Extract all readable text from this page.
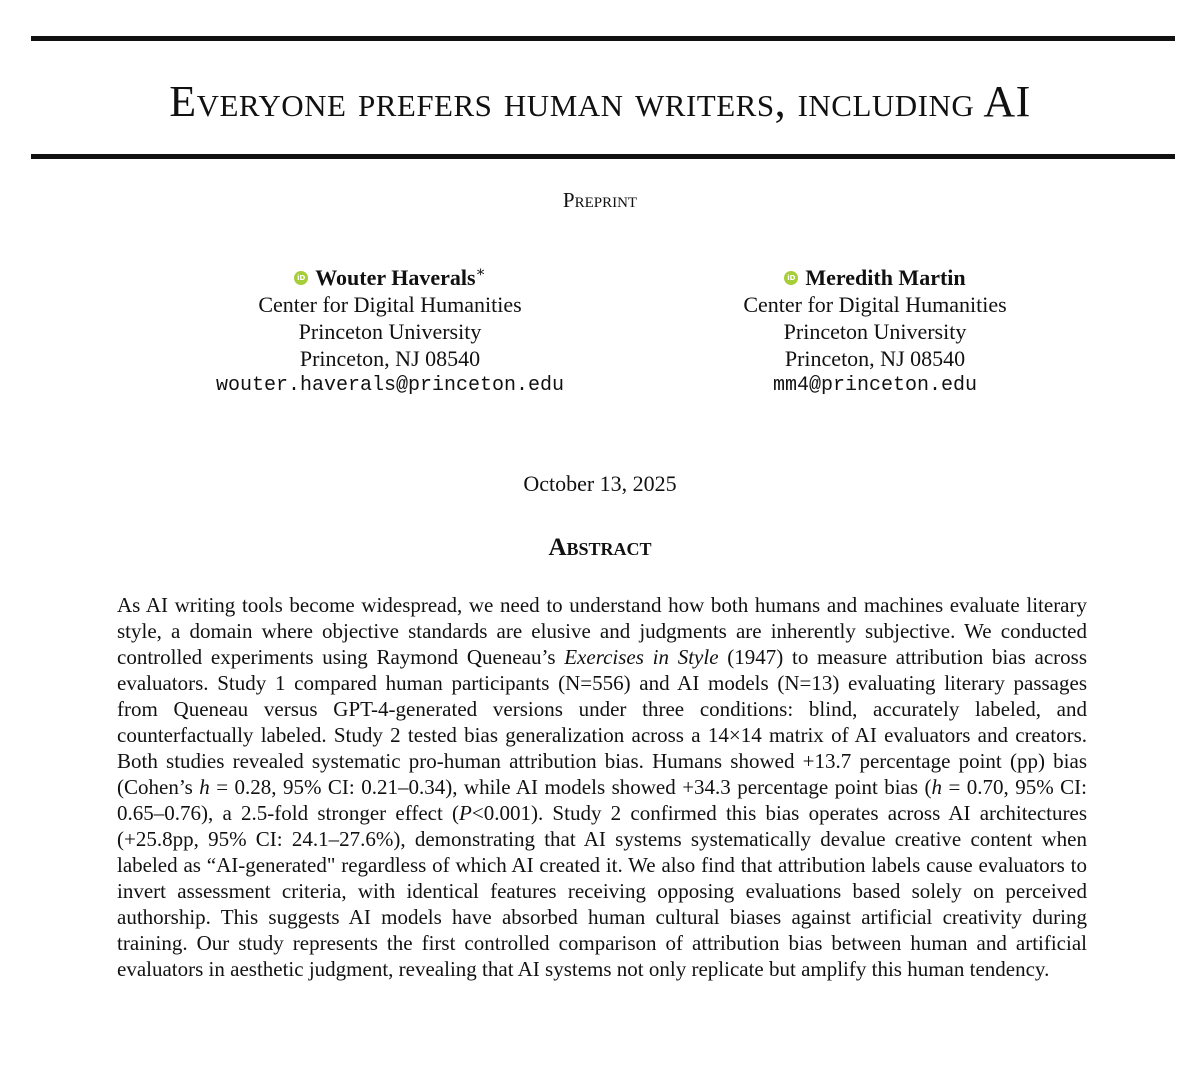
Everyone prefers human writers, including AI
Preprint
iD Wouter Haverals∗
Center for Digital Humanities
Princeton University
Princeton, NJ 08540
wouter.haverals@princeton.edu
iD Meredith Martin
Center for Digital Humanities
Princeton University
Princeton, NJ 08540
mm4@princeton.edu
October 13, 2025
Abstract
As AI writing tools become widespread, we need to understand how both humans and machines evaluate literary style, a domain where objective standards are elusive and judgments are inherently subjective. We conducted controlled experiments using Raymond Queneau’s Exercises in Style (1947) to measure attribution bias across evaluators. Study 1 compared human participants (N=556) and AI models (N=13) evaluating literary passages from Queneau versus GPT-4-generated versions under three conditions: blind, accurately labeled, and counterfactually labeled. Study 2 tested bias generalization across a 14×14 matrix of AI evaluators and creators. Both studies revealed systematic pro-human attribution bias. Humans showed +13.7 percentage point (pp) bias (Cohen’s h = 0.28, 95% CI: 0.21–0.34), while AI models showed +34.3 percentage point bias (h = 0.70, 95% CI: 0.65–0.76), a 2.5-fold stronger effect (P<0.001). Study 2 confirmed this bias operates across AI architectures (+25.8pp, 95% CI: 24.1–27.6%), demonstrating that AI systems systematically devalue creative content when labeled as “AI-generated" regardless of which AI created it. We also find that attribution labels cause evaluators to invert assessment criteria, with identical features receiving opposing evaluations based solely on perceived authorship. This suggests AI models have absorbed human cultural biases against artificial creativity during training. Our study represents the first controlled comparison of attribution bias between human and artificial evaluators in aesthetic judgment, revealing that AI systems not only replicate but amplify this human tendency.
